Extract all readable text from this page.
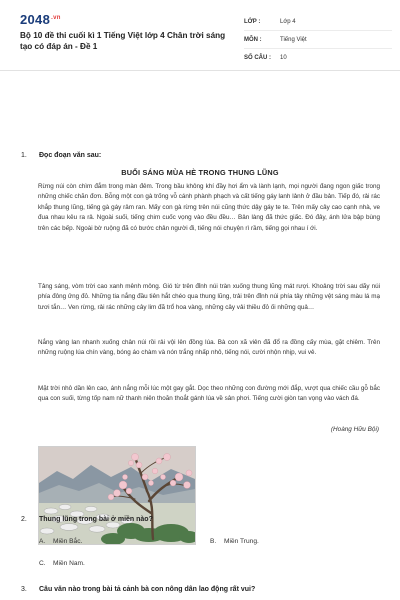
$2048^{.vn}$
Bộ 10 đề thi cuối kì 1 Tiếng Việt lớp 4 Chân trời sáng tạo có đáp án - Đề 1
LỚP :	Lớp 4
MÔN :	Tiếng Việt
SỐ CÂU :	10
1. Đọc đoạn văn sau:
BUỔI SÁNG MÙA HÈ TRONG THUNG LŨNG
Rừng núi còn chìm đắm trong màn đêm. Trong bầu không khí đầy hơi ẩm và lành lạnh, mọi người đang ngon giấc trong những chiếc chăn đơn. Bỗng một con gà trống vỗ cánh phành phạch và cất tiếng gáy lanh lảnh ở đầu bản. Tiếp đó, rải rác khắp thung lũng, tiếng gà gáy râm ran. Mấy con gà rừng trên núi cũng thức dậy gáy te te. Trên mấy cây cao cạnh nhà, ve đua nhau kêu ra rả. Ngoài suối, tiếng chim cuốc vọng vào đều đều… Bản làng đã thức giấc. Đó đây, ánh lửa bập bùng trên các bếp. Ngoài bờ ruộng đã có bước chân người đi, tiếng nói chuyện rì rầm, tiếng gọi nhau í ới.
Tảng sáng, vòm trời cao xanh mênh mông. Gió từ trên đỉnh núi tràn xuống thung lũng mát rượi. Khoảng trời sau dãy núi phía đông ửng đỏ. Những tia nắng đầu tiên hắt chéo qua thung lũng, trải trên đỉnh núi phía tây những vệt sáng màu lá mạ tươi tắn… Ven rừng, rải rác những cây lim đã trổ hoa vàng, những cây vải thiều đỏ ối những quả…
Nắng vàng lan nhanh xuống chân núi rồi rải vội lên đồng lúa. Bà con xã viên đã đổ ra đồng cấy mùa, gặt chiêm. Trên những ruộng lúa chín vàng, bóng áo chàm và nón trắng nhấp nhô, tiếng nói, cười nhộn nhịp, vui vẻ.
Mặt trời nhô dần lên cao, ánh nắng mỗi lúc một gay gắt. Dọc theo những con đường mới đắp, vượt qua chiếc cầu gỗ bắc qua con suối, từng tốp nam nữ thanh niên thoăn thoắt gánh lúa về sân phơi. Tiếng cười giòn tan vọng vào vách đá.
(Hoàng Hữu Bội)
2. Thung lũng trong bài ở miền nào?
A. Miền Bắc.	B. Miền Trung.
C. Miền Nam.
3. Câu văn nào trong bài tả cảnh bà con nông dân lao động rất vui?
